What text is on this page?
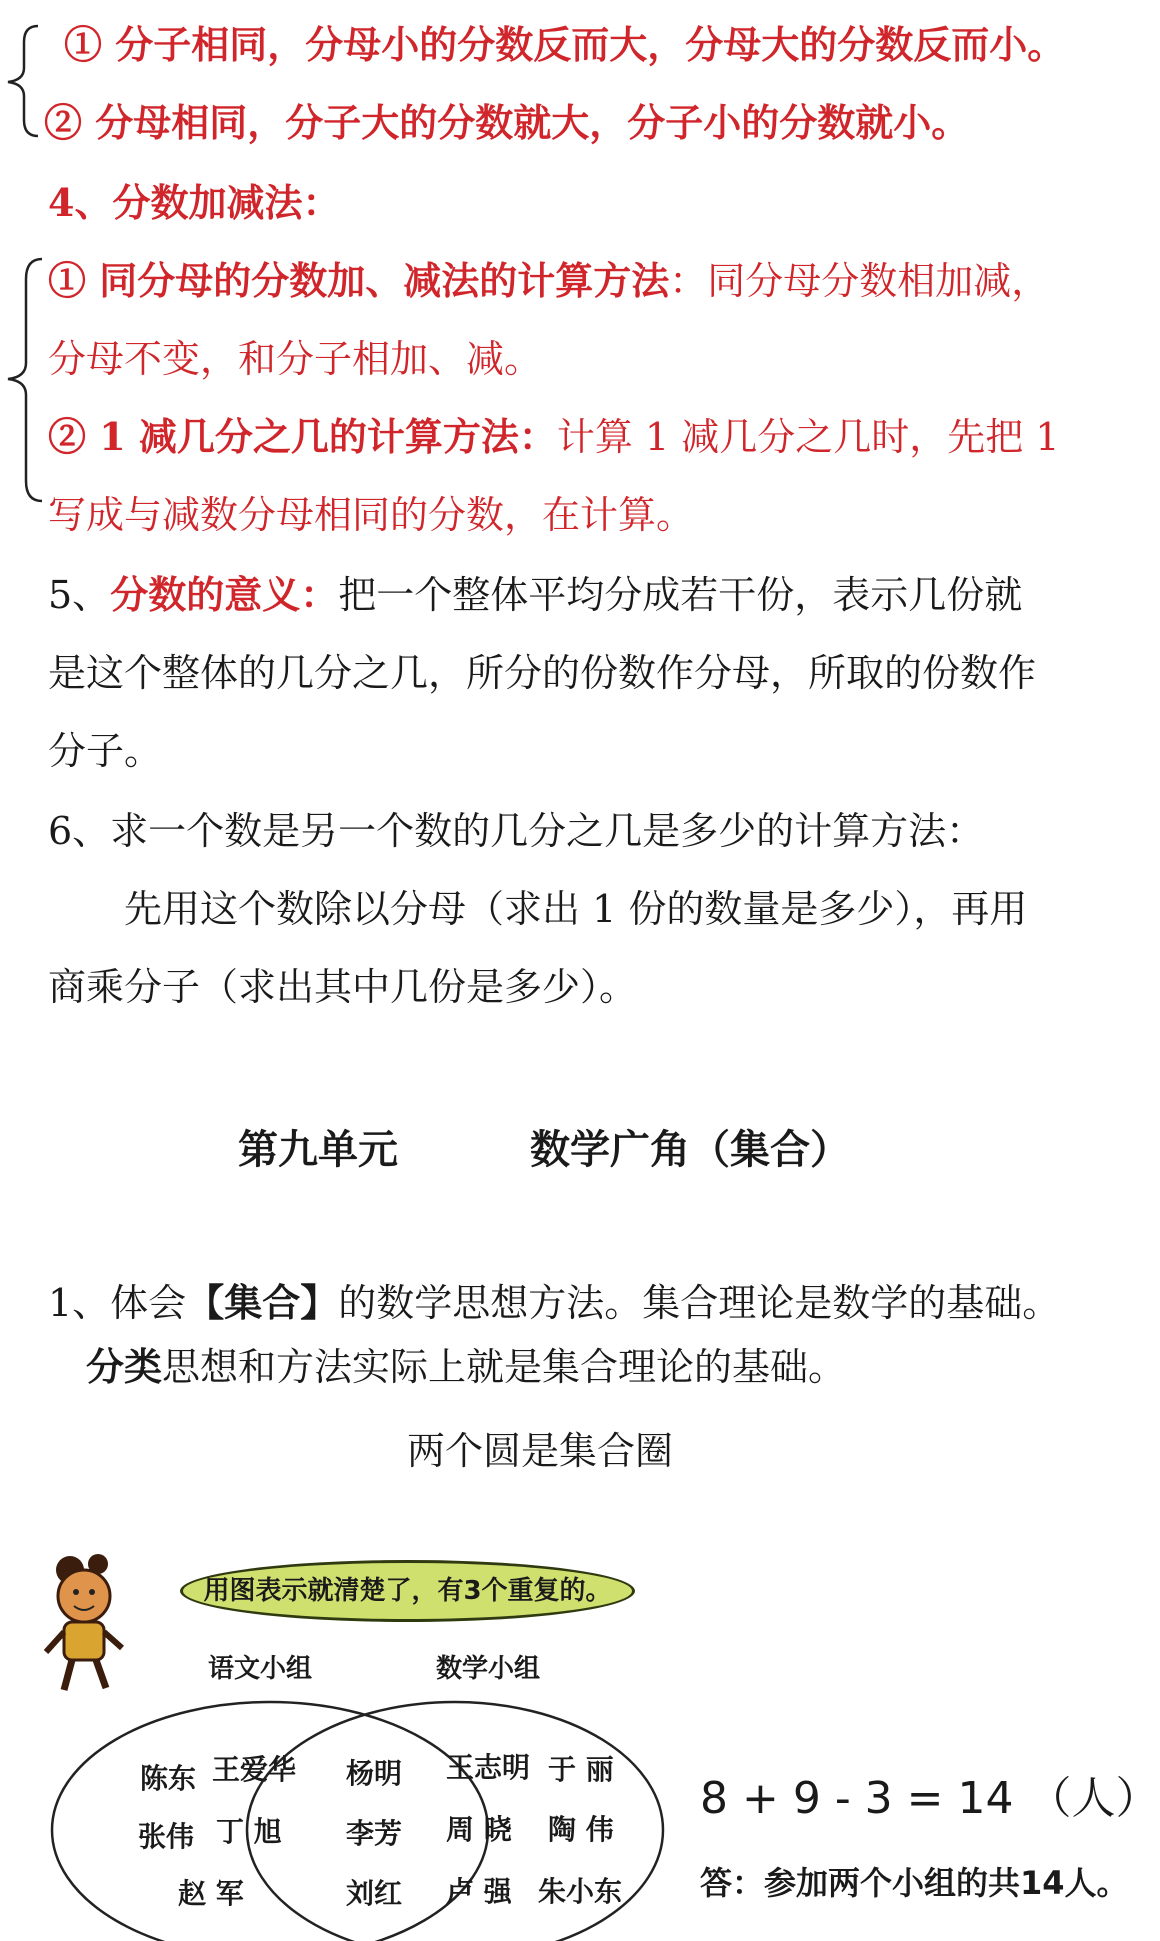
① 分子相同，分母小的分数反而大，分母大的分数反而小。
② 分母相同，分子大的分数就大，分子小的分数就小。
4、分数加减法：
① 同分母的分数加、减法的计算方法：同分母分数相加减，
分母不变，和分子相加、减。
② 1 减几分之几的计算方法：计算 1 减几分之几时，先把 1
写成与减数分母相同的分数，在计算。
5、分数的意义：把一个整体平均分成若干份，表示几份就
是这个整体的几分之几，所分的份数作分母，所取的份数作
分子。
6、求一个数是另一个数的几分之几是多少的计算方法：
先用这个数除以分母（求出 1 份的数量是多少），再用
商乘分子（求出其中几份是多少）。
第九单元	数学广角（集合）
1、体会【集合】的数学思想方法。集合理论是数学的基础。
分类思想和方法实际上就是集合理论的基础。
两个圆是集合圈
用图表示就清楚了，有3个重复的。
语文小组	数学小组
陈东 王爱华
张伟 丁 旭
赵 军
杨明
李芳
刘红
王志明 于 丽
周 晓 陶 伟
卢 强 朱小东
8 + 9 - 3 = 14 （人）
答：参加两个小组的共14人。
